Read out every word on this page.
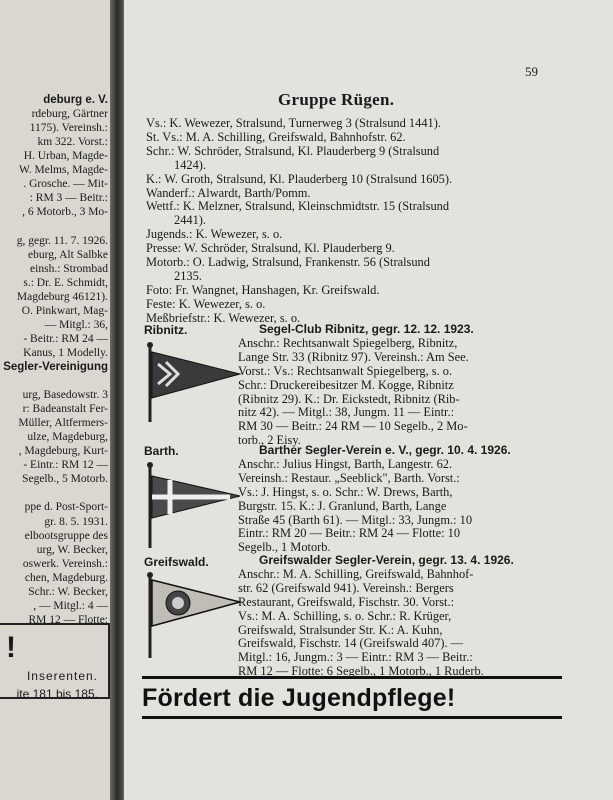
deburg e. V.
rdeburg, Gärtner
1175). Vereinsh.:
km 322. Vorst.:
H. Urban, Magde-
W. Melms, Magde-
. Grosche. — Mit-
: RM 3 — Beitr.:
, 6 Motorb., 3 Mo-
g, gegr. 11. 7. 1926.
eburg, Alt Salbke
einsh.: Strombad
s.: Dr. E. Schmidt,
Magdeburg 46121).
O. Pinkwart, Mag-
— Mitgl.: 36,
- Beitr.: RM 24 —
Kanus, 1 Modelly.
Segler-Vereinigung
urg, Basedowstr. 3
r: Badeanstalt Fer-
Müller, Altfermers-
ulze, Magdeburg,
, Magdeburg, Kurt-
- Eintr.: RM 12 —
Segelb., 5 Motorb.
ppe d. Post-Sport-
gr. 8. 5. 1931.
elbootsgruppe des
urg, W. Becker,
oswerk. Vereinsh.:
chen, Magdeburg.
Schr.: W. Becker,
, — Mitgl.: 4 —
RM 12 — Flotte:
!
Inserenten.
ite 181 bis 185.
59
Gruppe Rügen.
Vs.: K. Wewezer, Stralsund, Turnerweg 3 (Stralsund 1441).
St. Vs.: M. A. Schilling, Greifswald, Bahnhofstr. 62.
Schr.: W. Schröder, Stralsund, Kl. Plauderberg 9 (Stralsund
1424).
K.: W. Groth, Stralsund, Kl. Plauderberg 10 (Stralsund 1605).
Wanderf.: Alwardt, Barth/Pomm.
Wettf.: K. Melzner, Stralsund, Kleinschmidtstr. 15 (Stralsund
2441).
Jugends.: K. Wewezer, s. o.
Presse: W. Schröder, Stralsund, Kl. Plauderberg 9.
Motorb.: O. Ladwig, Stralsund, Frankenstr. 56 (Stralsund
2135.
Foto: Fr. Wangnet, Hanshagen, Kr. Greifswald.
Feste: K. Wewezer, s. o.
Meßbriefstr.: K. Wewezer, s. o.
Ribnitz.	Segel-Club Ribnitz, gegr. 12. 12. 1923.
Anschr.: Rechtsanwalt Spiegelberg, Ribnitz,
Lange Str. 33 (Ribnitz 97). Vereinsh.: Am See.
Vorst.: Vs.: Rechtsanwalt Spiegelberg, s. o.
Schr.: Druckereibesitzer M. Kogge, Ribnitz
(Ribnitz 29). K.: Dr. Eickstedt, Ribnitz (Rib-
nitz 42). — Mitgl.: 38, Jungm. 11 — Eintr.:
RM 30 — Beitr.: 24 RM — 10 Segelb., 2 Mo-
torb., 2 Eisy.
Barth.	Barther Segler-Verein e. V., gegr. 10. 4. 1926.
Anschr.: Julius Hingst, Barth, Langestr. 62.
Vereinsh.: Restaur. „Seeblick", Barth. Vorst.:
Vs.: J. Hingst, s. o. Schr.: W. Drews, Barth,
Burgstr. 15. K.: J. Granlund, Barth, Lange
Straße 45 (Barth 61). — Mitgl.: 33, Jungm.: 10
Eintr.: RM 20 — Beitr.: RM 24 — Flotte: 10
Segelb., 1 Motorb.
Greifswald.	Greifswalder Segler-Verein, gegr. 13. 4. 1926.
Anschr.: M. A. Schilling, Greifswald, Bahnhof-
str. 62 (Greifswald 941). Vereinsh.: Bergers
Restaurant, Greifswald, Fischstr. 30. Vorst.:
Vs.: M. A. Schilling, s. o. Schr.: R. Krüger,
Greifswald, Stralsunder Str. K.: A. Kuhn,
Greifswald, Fischstr. 14 (Greifswald 407). —
Mitgl.: 16, Jungm.: 3 — Eintr.: RM 3 — Beitr.:
RM 12 — Flotte: 6 Segelb., 1 Motorb., 1 Ruderb.
Fördert die Jugendpflege!
